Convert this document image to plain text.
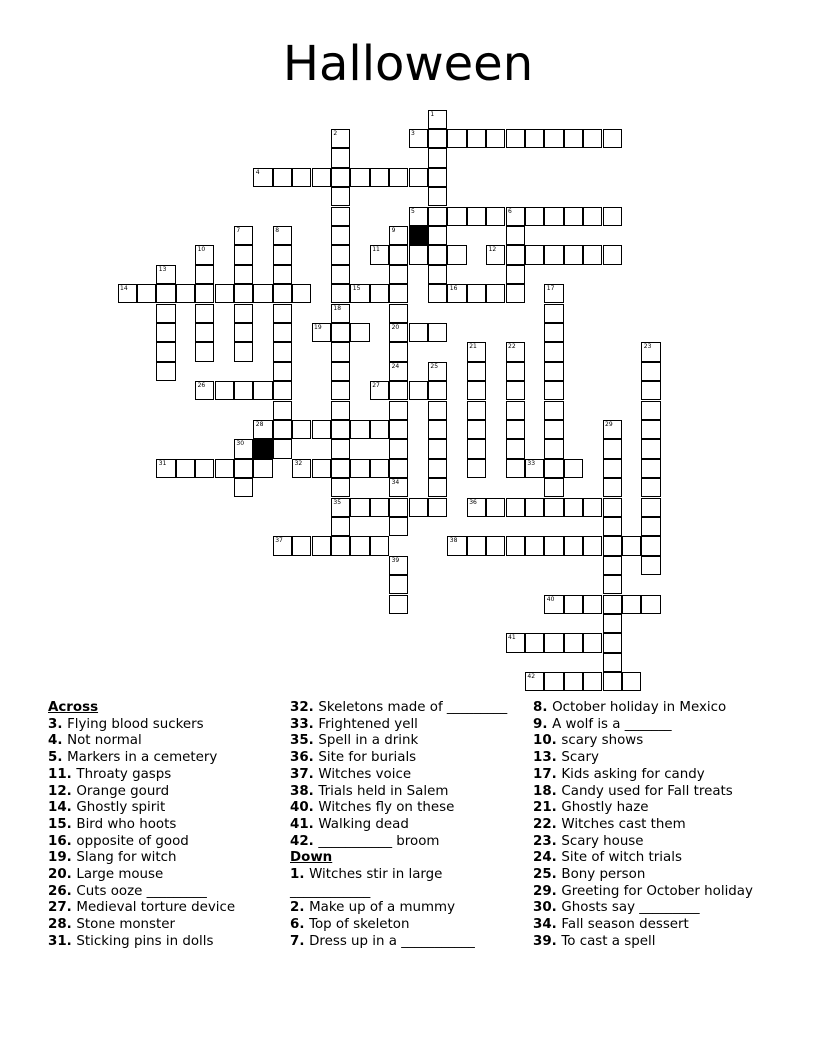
Halloween
1
2	3
4
5	6
7	8	9
20
24
10	11	12
13
14	15	16	17
18
35
19
21	22	23
25
26	27
28	29
30
31	32	33
34
36
37	38
39
40
41
42
Across
3. Flying blood suckers
4. Not normal
5. Markers in a cemetery
11. Throaty gasps
12. Orange gourd
14. Ghostly spirit
15. Bird who hoots
16. opposite of good
19. Slang for witch
20. Large mouse
26. Cuts ooze _________
27. Medieval torture device
28. Stone monster
31. Sticking pins in dolls
32. Skeletons made of _________
33. Frightened yell
35. Spell in a drink
36. Site for burials
37. Witches voice
38. Trials held in Salem
40. Witches fly on these
41. Walking dead
42. ___________ broom
Down
1. Witches stir in large
____________
2. Make up of a mummy
6. Top of skeleton
7. Dress up in a ___________
8. October holiday in Mexico
9. A wolf is a _______
10. scary shows
13. Scary
17. Kids asking for candy
18. Candy used for Fall treats
21. Ghostly haze
22. Witches cast them
23. Scary house
24. Site of witch trials
25. Bony person
29. Greeting for October holiday
30. Ghosts say _________
34. Fall season dessert
39. To cast a spell
